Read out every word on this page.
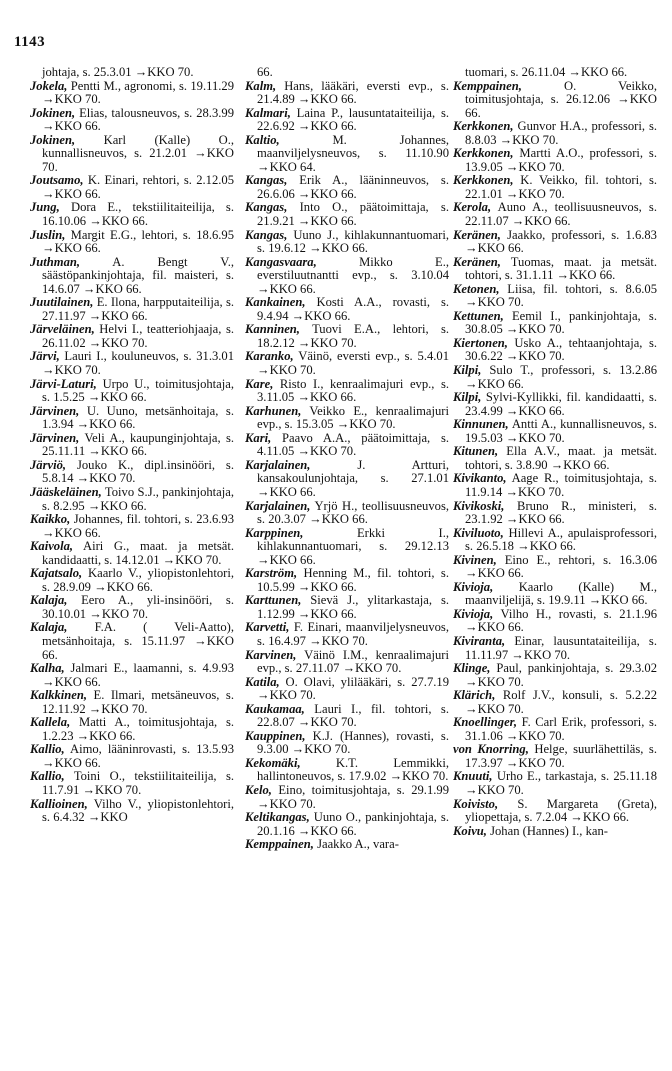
1143
johtaja, s. 25.3.01 →KKO 70.
Jokela, Pentti M., agronomi, s. 19.11.29 →KKO 70.
Jokinen, Elias, talousneuvos, s. 28.3.99 →KKO 66.
Jokinen, Karl (Kalle) O., kunnallisneuvos, s. 21.2.01 →KKO 70.
Joutsamo, K. Einari, rehtori, s. 2.12.05 →KKO 66.
Jung, Dora E., tekstiilitaiteilija, s. 16.10.06 →KKO 66.
Juslin, Margit E.G., lehtori, s. 18.6.95 →KKO 66.
Juthman,	A. Bengt V., säästöpankinjohtaja, fil. maisteri, s. 14.6.07 →KKO 66.
Juutilainen, E. Ilona, harpputaiteilija, s. 27.11.97 →KKO 66.
Järveläinen, Helvi I., teatteriohjaaja, s. 26.11.02 →KKO 70.
Järvi, Lauri I., kouluneuvos, s. 31.3.01 →KKO 70.
Järvi-Laturi, Urpo U., toimitusjohtaja, s. 1.5.25 →KKO 66.
Järvinen, U. Uuno, metsänhoitaja, s. 1.3.94 →KKO 66.
Järvinen, Veli A., kaupunginjohtaja, s. 25.11.11 →KKO 66.
Järviö, Jouko K., dipl.insinööri, s. 5.8.14 →KKO 70.
Jääskeläinen, Toivo S.J., pankinjohtaja, s. 8.2.95 →KKO 66.
Kaikko, Johannes, fil. tohtori, s. 23.6.93 →KKO 66.
Kaivola, Airi G., maat. ja metsät. kandidaatti, s. 14.12.01 →KKO 70.
Kajatsalo, Kaarlo V., yliopistonlehtori, s. 28.9.09 →KKO 66.
Kalaja, Eero A., yli-insinööri, s. 30.10.01 →KKO 70.
Kalaja, F.A. ( Veli-Aatto), metsänhoitaja, s. 15.11.97 →KKO 66.
Kalha, Jalmari E., laamanni, s. 4.9.93 →KKO 66.
Kalkkinen, E. Ilmari, metsäneuvos, s. 12.11.92 →KKO 70.
Kallela, Matti A., toimitusjohtaja, s. 1.2.23 →KKO 66.
Kallio, Aimo, lääninrovasti, s. 13.5.93 →KKO 66.
Kallio, Toini O., tekstiilitaiteilija, s. 11.7.91 →KKO 70.
Kallioinen, Vilho V., yliopistonlehtori, s. 6.4.32 →KKO
66.
Kalm, Hans, lääkäri, eversti evp., s. 21.4.89 →KKO 66.
Kalmari, Laina P., lausuntataiteilija, s. 22.6.92 →KKO 66.
Kaltio,	M. Johannes, maanviljelysneuvos, s. 11.10.90 →KKO 64.
Kangas, Erik A., lääninneuvos, s. 26.6.06 →KKO 66.
Kangas, Into O., päätoimittaja, s. 21.9.21 →KKO 66.
Kangas, Uuno J., kihlakunnantuomari, s. 19.6.12 →KKO 66.
Kangasvaara,	Mikko E., everstiluutnantti evp., s. 3.10.04 →KKO 66.
Kankainen, Kosti A.A., rovasti, s. 9.4.94 →KKO 66.
Kanninen, Tuovi E.A., lehtori, s. 18.2.12 →KKO 70.
Karanko, Väinö, eversti evp., s. 5.4.01 →KKO 70.
Kare, Risto I., kenraalimajuri evp., s. 3.11.05 →KKO 66.
Karhunen, Veikko E., kenraalimajuri evp., s. 15.3.05 →KKO 70.
Kari, Paavo A.A., päätoimittaja, s. 4.11.05 →KKO 70.
Karjalainen,	J. Artturi, kansakoulunjohtaja, s. 27.1.01 →KKO 66.
Karjalainen, Yrjö H., teollisuusneuvos, s. 20.3.07 →KKO 66.
Karppinen,	Erkki I., kihlakunnantuomari, s. 29.12.13 →KKO 66.
Karström, Henning M., fil. tohtori, s. 10.5.99 →KKO 66.
Karttunen, Sievä J., ylitarkastaja, s. 1.12.99 →KKO 66.
Karvetti, F. Einari, maanviljelysneuvos, s. 16.4.97 →KKO 70.
Karvinen, Väinö I.M., kenraalimajuri evp., s. 27.11.07 →KKO 70.
Katila, O. Olavi, ylilääkäri, s. 27.7.19 →KKO 70.
Kaukamaa, Lauri I., fil. tohtori, s. 22.8.07 →KKO 70.
Kauppinen, K.J. (Hannes), rovasti, s. 9.3.00 →KKO 70.
Kekomäki,	K.T. Lemmikki, hallintoneuvos, s. 17.9.02 →KKO 70.
Kelo, Eino, toimitusjohtaja, s. 29.1.99 →KKO 70.
Keltikangas, Uuno O., pankinjohtaja, s. 20.1.16 →KKO 66.
Kemppainen, Jaakko A., vara-
tuomari, s. 26.11.04 →KKO 66.
Kemppainen,	O. Veikko, toimitusjohtaja, s. 26.12.06 →KKO 66.
Kerkkonen, Gunvor H.A., professori, s. 8.8.03 →KKO 70.
Kerkkonen, Martti A.O., professori, s. 13.9.05 →KKO 70.
Kerkkonen, K. Veikko, fil. tohtori, s. 22.1.01 →KKO 70.
Kerola, Auno A., teollisuusneuvos, s. 22.11.07 →KKO 66.
Keränen, Jaakko, professori, s. 1.6.83 →KKO 66.
Keränen, Tuomas, maat. ja metsät. tohtori, s. 31.1.11 →KKO 66.
Ketonen, Liisa, fil. tohtori, s. 8.6.05 →KKO 70.
Kettunen, Eemil I., pankinjohtaja, s. 30.8.05 →KKO 70.
Kiertonen, Usko A., tehtaanjohtaja, s. 30.6.22 →KKO 70.
Kilpi, Sulo T., professori, s. 13.2.86 →KKO 66.
Kilpi, Sylvi-Kyllikki, fil. kandidaatti, s. 23.4.99 →KKO 66.
Kinnunen, Antti A., kunnallisneuvos, s. 19.5.03 →KKO 70.
Kitunen, Ella A.V., maat. ja metsät. tohtori, s. 3.8.90 →KKO 66.
Kivikanto, Aage R., toimitusjohtaja, s. 11.9.14 →KKO 70.
Kivikoski, Bruno R., ministeri, s. 23.1.92 →KKO 66.
Kiviluoto, Hillevi A., apulaisprofessori, s. 26.5.18 →KKO 66.
Kivinen, Eino E., rehtori, s. 16.3.06 →KKO 66.
Kivioja, Kaarlo (Kalle) M., maanviljelijä, s. 19.9.11 →KKO 66.
Kivioja, Vilho H., rovasti, s. 21.1.96 →KKO 66.
Kiviranta, Einar, lausuntataiteilija, s. 11.11.97 →KKO 70.
Klinge, Paul, pankinjohtaja, s. 29.3.02 →KKO 70.
Klärich, Rolf J.V., konsuli, s. 5.2.22 →KKO 70.
Knoellinger, F. Carl Erik, professori, s. 31.1.06 →KKO 70.
von Knorring, Helge, suurlähettiläs, s. 17.3.97 →KKO 70.
Knuuti, Urho E., tarkastaja, s. 25.11.18 →KKO 70.
Koivisto, S. Margareta (Greta), yliopettaja, s. 7.2.04 →KKO 66.
Koivu, Johan (Hannes) I., kan-
